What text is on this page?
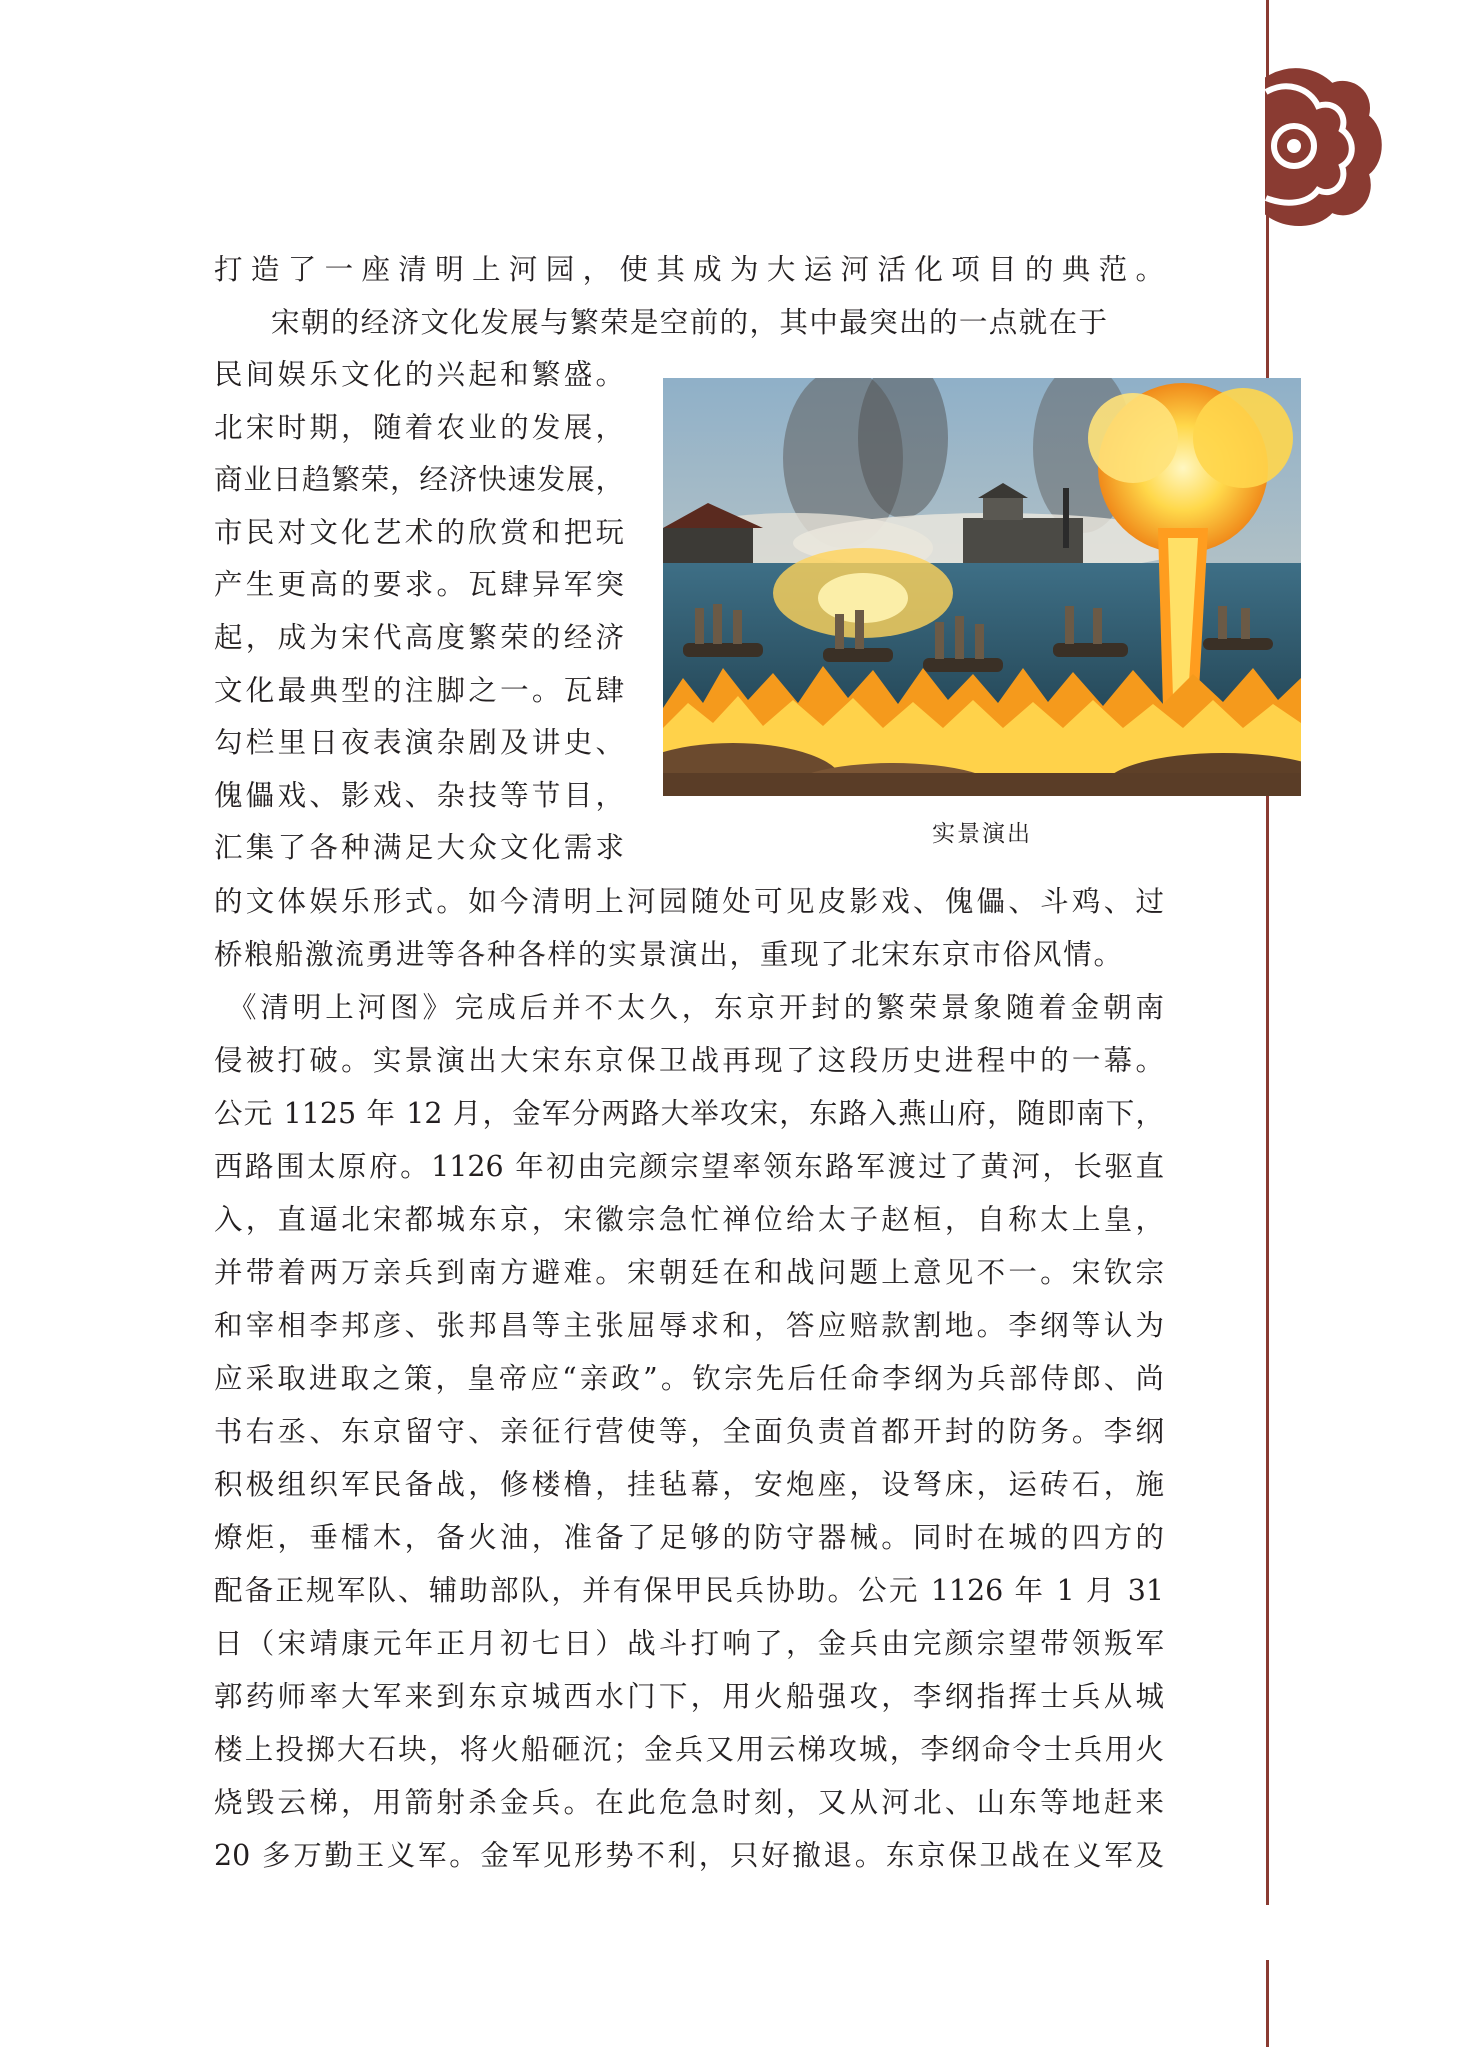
打造了一座清明上河园，使其成为大运河活化项目的典范。
宋朝的经济文化发展与繁荣是空前的，其中最突出的一点就在于
民间娱乐文化的兴起和繁盛。
北宋时期，随着农业的发展，
商业日趋繁荣，经济快速发展，
市民对文化艺术的欣赏和把玩
产生更高的要求。瓦肆异军突
起，成为宋代高度繁荣的经济
文化最典型的注脚之一。瓦肆
勾栏里日夜表演杂剧及讲史、
傀儡戏、影戏、杂技等节目，
汇集了各种满足大众文化需求	实景演出
的文体娱乐形式。如今清明上河园随处可见皮影戏、傀儡、斗鸡、过
桥粮船激流勇进等各种各样的实景演出，重现了北宋东京市俗风情。
《清明上河图》完成后并不太久，东京开封的繁荣景象随着金朝南
侵被打破。实景演出大宋东京保卫战再现了这段历史进程中的一幕。
公元 1125 年 12 月，金军分两路大举攻宋，东路入燕山府，随即南下，
西路围太原府。1126 年初由完颜宗望率领东路军渡过了黄河，长驱直
入，直逼北宋都城东京，宋徽宗急忙禅位给太子赵桓，自称太上皇，
并带着两万亲兵到南方避难。宋朝廷在和战问题上意见不一。宋钦宗
和宰相李邦彦、张邦昌等主张屈辱求和，答应赔款割地。李纲等认为
应采取进取之策，皇帝应“亲政”。钦宗先后任命李纲为兵部侍郎、尚
书右丞、东京留守、亲征行营使等，全面负责首都开封的防务。李纲
积极组织军民备战，修楼橹，挂毡幕，安炮座，设弩床，运砖石，施
燎炬，垂檑木，备火油，准备了足够的防守器械。同时在城的四方的
配备正规军队、辅助部队，并有保甲民兵协助。公元 1126 年 1 月 31
日（宋靖康元年正月初七日）战斗打响了，金兵由完颜宗望带领叛军
郭药师率大军来到东京城西水门下，用火船强攻，李纲指挥士兵从城
楼上投掷大石块，将火船砸沉；金兵又用云梯攻城，李纲命令士兵用火
烧毁云梯，用箭射杀金兵。在此危急时刻，又从河北、山东等地赶来
20 多万勤王义军。金军见形势不利，只好撤退。东京保卫战在义军及
